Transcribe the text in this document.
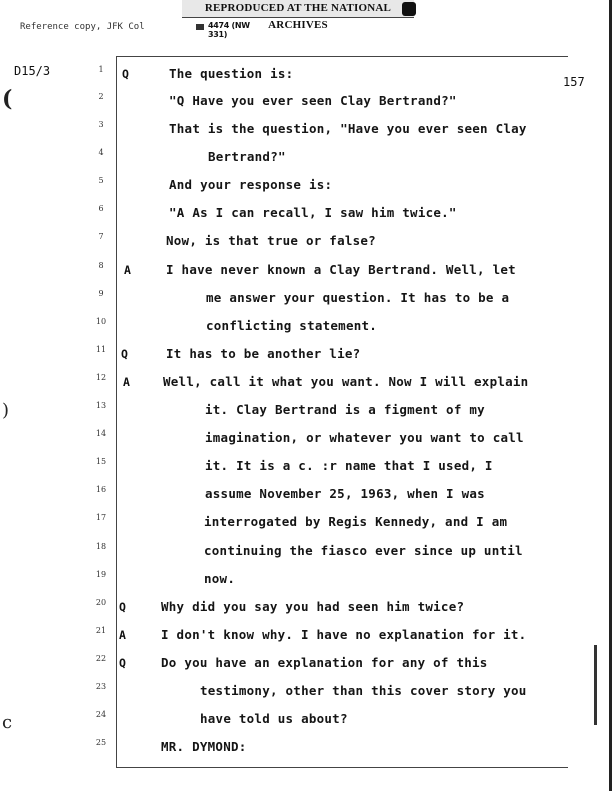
REPRODUCED AT THE NATIONAL ARCHIVES
Reference copy, JFK Col	4474 (NW 331)
D15/3
157
(
)
c
1	Q	The question is:
2	"Q Have you ever seen Clay Bertrand?"
3	That is the question, "Have you ever seen Clay
4	Bertrand?"
5	And your response is:
6	"A As I can recall, I saw him twice."
7	Now, is that true or false?
8	A	I have never known a Clay Bertrand. Well, let
9	me answer your question. It has to be a
10	conflicting statement.
11	Q	It has to be another lie?
12	A	Well, call it what you want. Now I will explain
13	it. Clay Bertrand is a figment of my
14	imagination, or whatever you want to call
15	it. It is a c. :r name that I used, I
16	assume November 25, 1963, when I was
17	interrogated by Regis Kennedy, and I am
18	continuing the fiasco ever since up until
19	now.
20	Q	Why did you say you had seen him twice?
21	A	I don't know why. I have no explanation for it.
22	Q	Do you have an explanation for any of this
23	testimony, other than this cover story you
24	have told us about?
25	MR. DYMOND:
